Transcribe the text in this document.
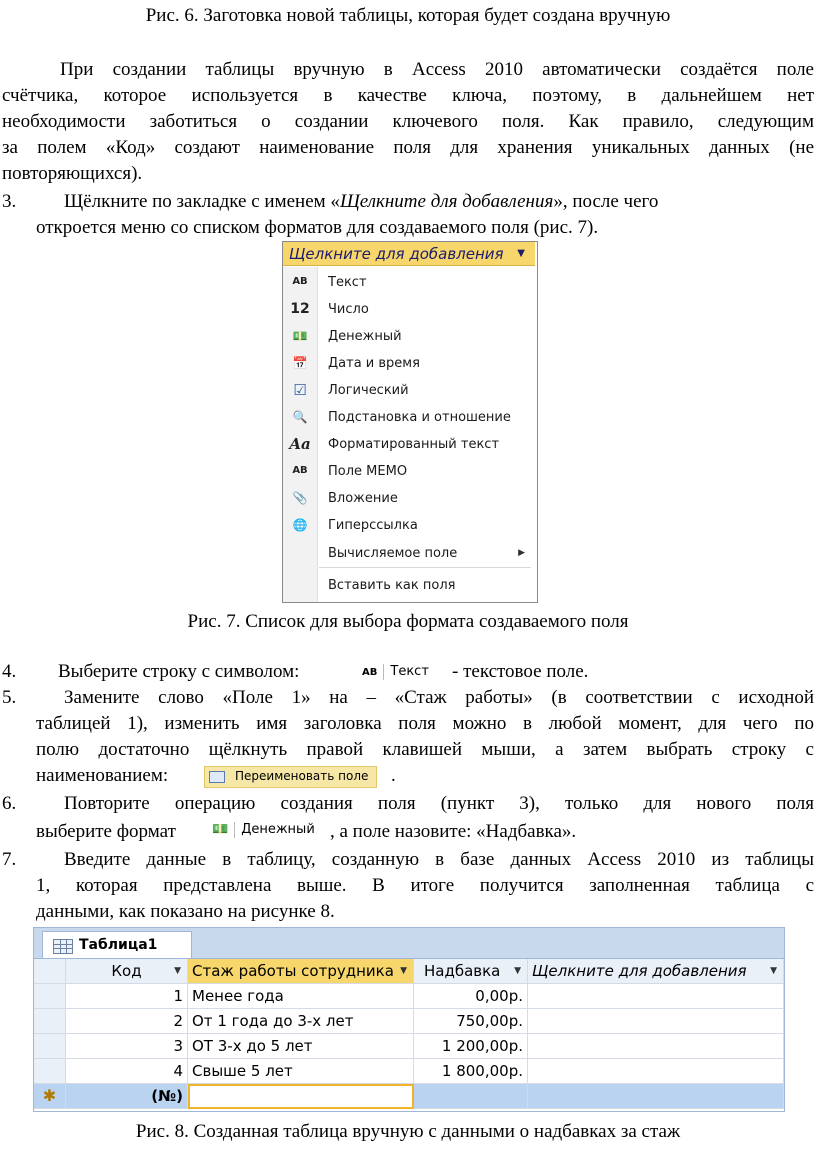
Рис. 6. Заготовка новой таблицы, которая будет создана вручную
При создании таблицы вручную в Access 2010 автоматически создаётся поле
счётчика, которое используется в качестве ключа, поэтому, в дальнейшем нет
необходимости заботиться о создании ключевого поля. Как правило, следующим
за полем «Код» создают наименование поля для хранения уникальных данных (не
повторяющихся).
3.	Щёлкните по закладке с именем «Щелкните для добавления», после чего
откроется меню со списком форматов для создаваемого поля (рис. 7).
Щелкните для добавления ▼
AB	Текст
12 Число
💵	Денежный
📅	Дата и время
☑	Логический
🔍	Подстановка и отношение
Aa Форматированный текст
AB	Поле MEMO
📎	Вложение
🌐	Гиперссылка
Вычисляемое поле	▶
Вставить как поля
Рис. 7. Список для выбора формата создаваемого поля
4.	Выберите строку с символом:	AB Текст - текстовое поле.
5.	Замените слово «Поле 1» на – «Стаж работы» (в соответствии с исходной
таблицей 1), изменить имя заголовка поля можно в любой момент, для чего по
полю достаточно щёлкнуть правой клавишей мыши, а затем выбрать строку с
наименованием:	Переименовать поле	.
6.	Повторите операцию создания поля (пункт 3), только для нового поля
выберите формат	💵 Денежный , а поле назовите: «Надбавка».
7.	Введите данные в таблицу, созданную в базе данных Access 2010 из таблицы
1, которая представлена выше. В итоге получится заполненная таблица с
данными, как показано на рисунке 8.
Таблица1
Код	▼ Стаж работы сотрудника ▼	Надбавка ▼ Щелкните для добавления	▼
1 Менее года	0,00р.
2 От 1 года до 3-х лет	750,00р.
3 ОТ 3-х до 5 лет	1 200,00р.
4 Свыше 5 лет	1 800,00р.
✱	(№)
Рис. 8. Созданная таблица вручную с данными о надбавках за стаж
